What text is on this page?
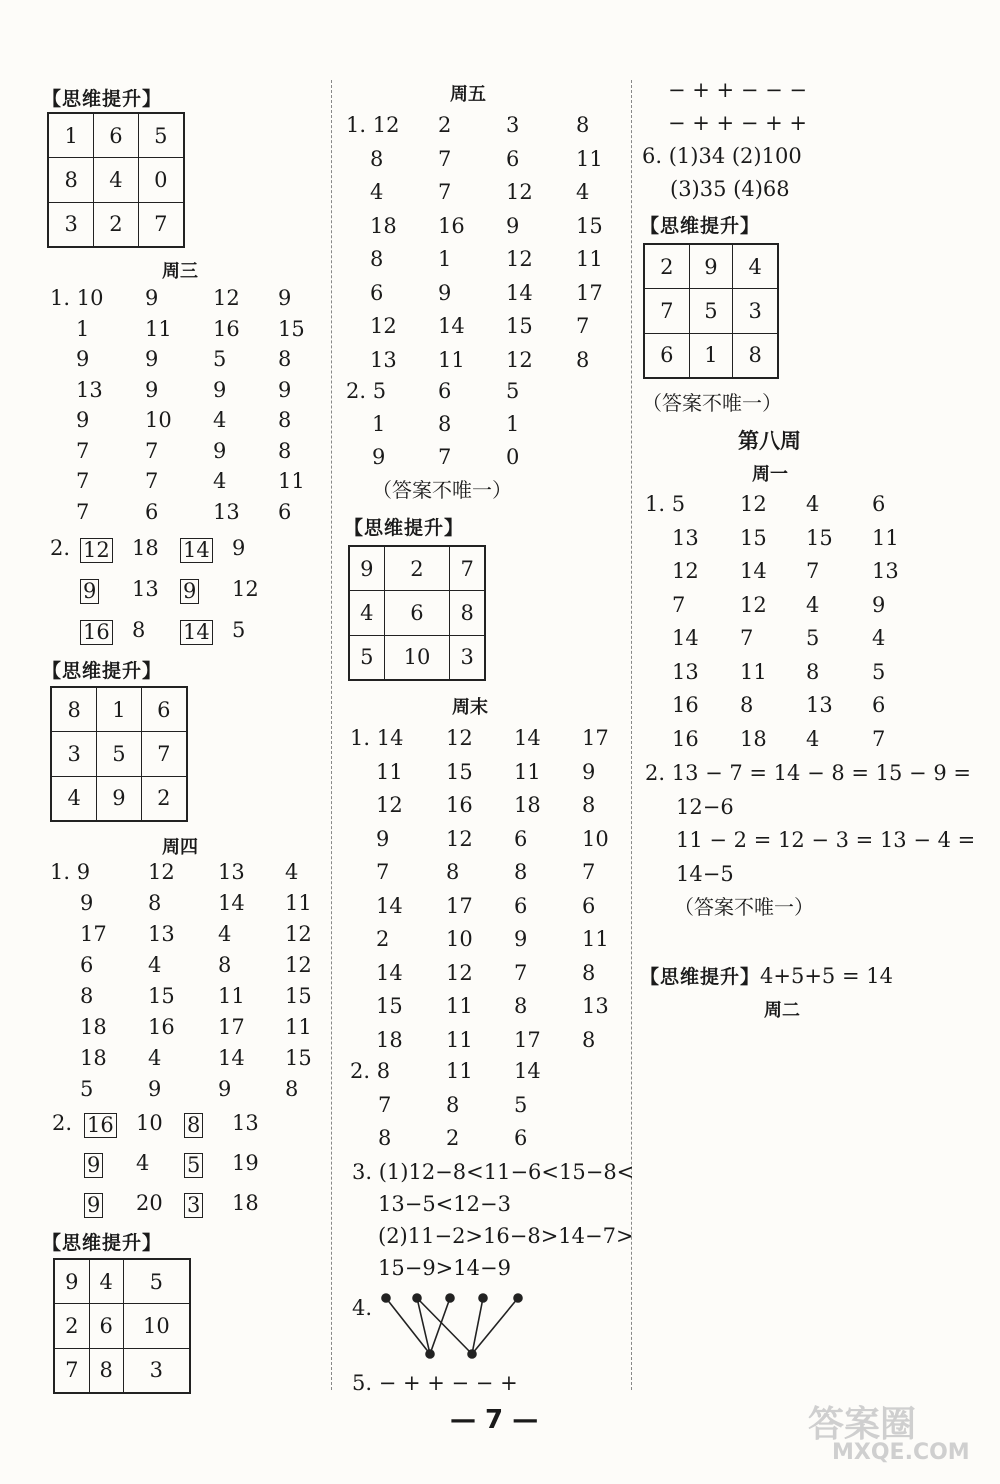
【思维提升】
1	6	5
8	4	0
3	2	7
周三
1. 10 9	12 9
1	11 16 15
9	9	5 8
13 9	9 9
9	10 4 8
7	7	9 8
7	7	4 11
7	6	13 6
2. 12 18 14 9
9 13 9 12
16 8 14 5
【思维提升】
8	1	6
3	5	7
4	9	2
周四
1. 9	12 13 4
9	8	14 11
17 13 4	12
6	4	8	12
8	15 11 15
18 16 17 11
18 4	14 15
5	9	9	8
2. 16 10 8 13
9 4 5 19
9 20 3 18
【思维提升】
9	4	5
2	6	10
7	8	3
周五
1. 12 2	3	8
8	7	6	11
4	7	12 4
18 16 9	15
8	1	12 11
6	9	14 17
12 14 15 7
13 11 12 8
2. 5 6	5
1	8	1
9	7	0
（答案不唯一）
【思维提升】
9	2	7
4	6	8
5	10	3
周末
1. 14 12 14 17
11 15 11 9
12 16 18 8
9	12 6	10
7	8	8	7
14 17 6	6
2	10 9	11
14 12 7	8
15 11 8	13
18 11 17 8
2. 8	11 14
7	8	5
8	2	6
3. (1)12−8<11−6<15−8<
13−5<12−3
(2)11−2>16−8>14−7>
15−9>14−9
4.
5. − + + − − +
− + + − − −
− + + − + +
6. (1)34 (2)100
(3)35 (4)68
【思维提升】
2	9	4
7	5	3
6	1	8
（答案不唯一）
第八周
周一
1. 5	12 4	6
13 15 15 11
12 14 7	13
7	12 4	9
14 7	5	4
13 11 8	5
16 8	13 6
16 18 4	7
2. 13 − 7 = 14 − 8 = 15 − 9 =
12−6
11 − 2 = 12 − 3 = 13 − 4 =
14−5
（答案不唯一）
【思维提升】4+5+5 = 14
周二
— 7 —	答案圈
MXQE.COM
